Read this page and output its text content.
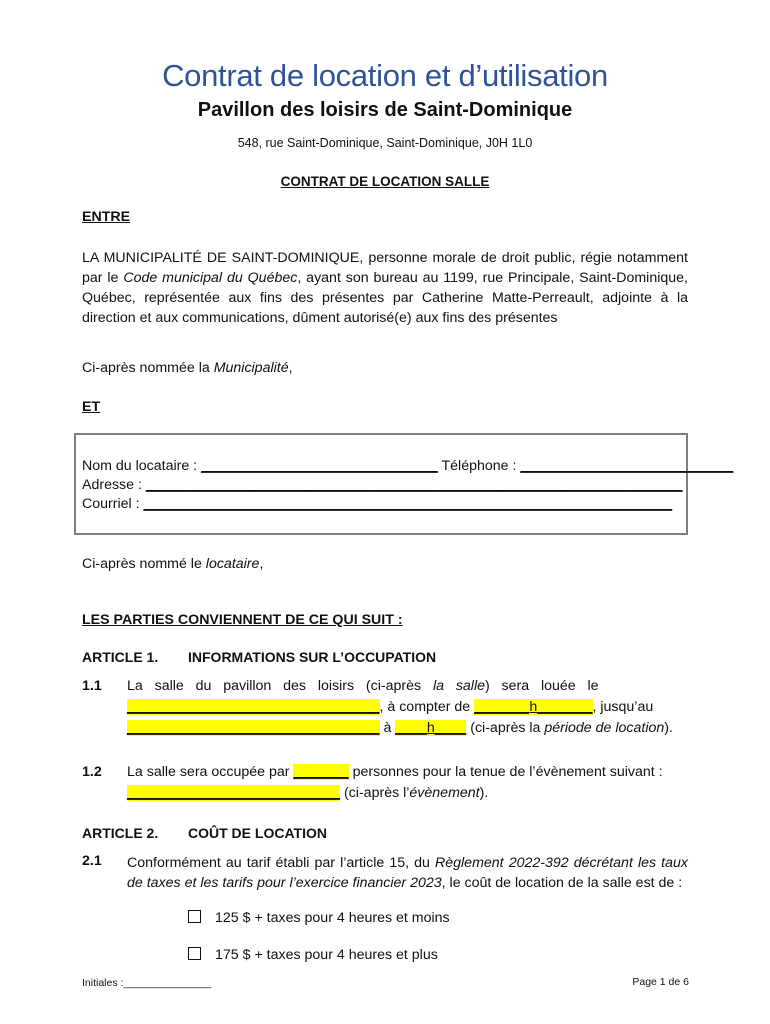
Contrat de location et d’utilisation
Pavillon des loisirs de Saint-Dominique
548, rue Saint-Dominique, Saint-Dominique, J0H 1L0
CONTRAT DE LOCATION SALLE
ENTRE
LA MUNICIPALITÉ DE SAINT-DOMINIQUE, personne morale de droit public, régie notamment par le Code municipal du Québec, ayant son bureau au 1199, rue Principale, Saint-Dominique, Québec, représentée aux fins des présentes par Catherine Matte-Perreault, adjointe à la direction et aux communications, dûment autorisé(e) aux fins des présentes
Ci-après nommée la Municipalité,
ET
Nom du locataire : ______________________________ Téléphone : ___________________________
Adresse : ____________________________________________________________________
Courriel : ___________________________________________________________________
Ci-après nommé le locataire,
LES PARTIES CONVIENNENT DE CE QUI SUIT :
ARTICLE 1. INFORMATIONS SUR L’OCCUPATION
1.1 La   salle   du   pavillon   des   loisirs   (ci-après   la   salle)   sera   louée   le
________________________________, à compter de _______h_______, jusqu’au
________________________________ à ____h____ (ci-après la période de location).
1.2 La salle sera occupée par _______ personnes pour la tenue de l’évènement suivant :
___________________________ (ci-après l’évènement).
ARTICLE 2. COÛT DE LOCATION
2.1 Conformément au tarif établi par l’article 15, du Règlement 2022-392 décrétant les taux de taxes et les tarifs pour l’exercice financier 2023, le coût de location de la salle est de :
125 $ + taxes pour 4 heures et moins
175 $ + taxes pour 4 heures et plus
Initiales :_______________	Page 1 de 6
